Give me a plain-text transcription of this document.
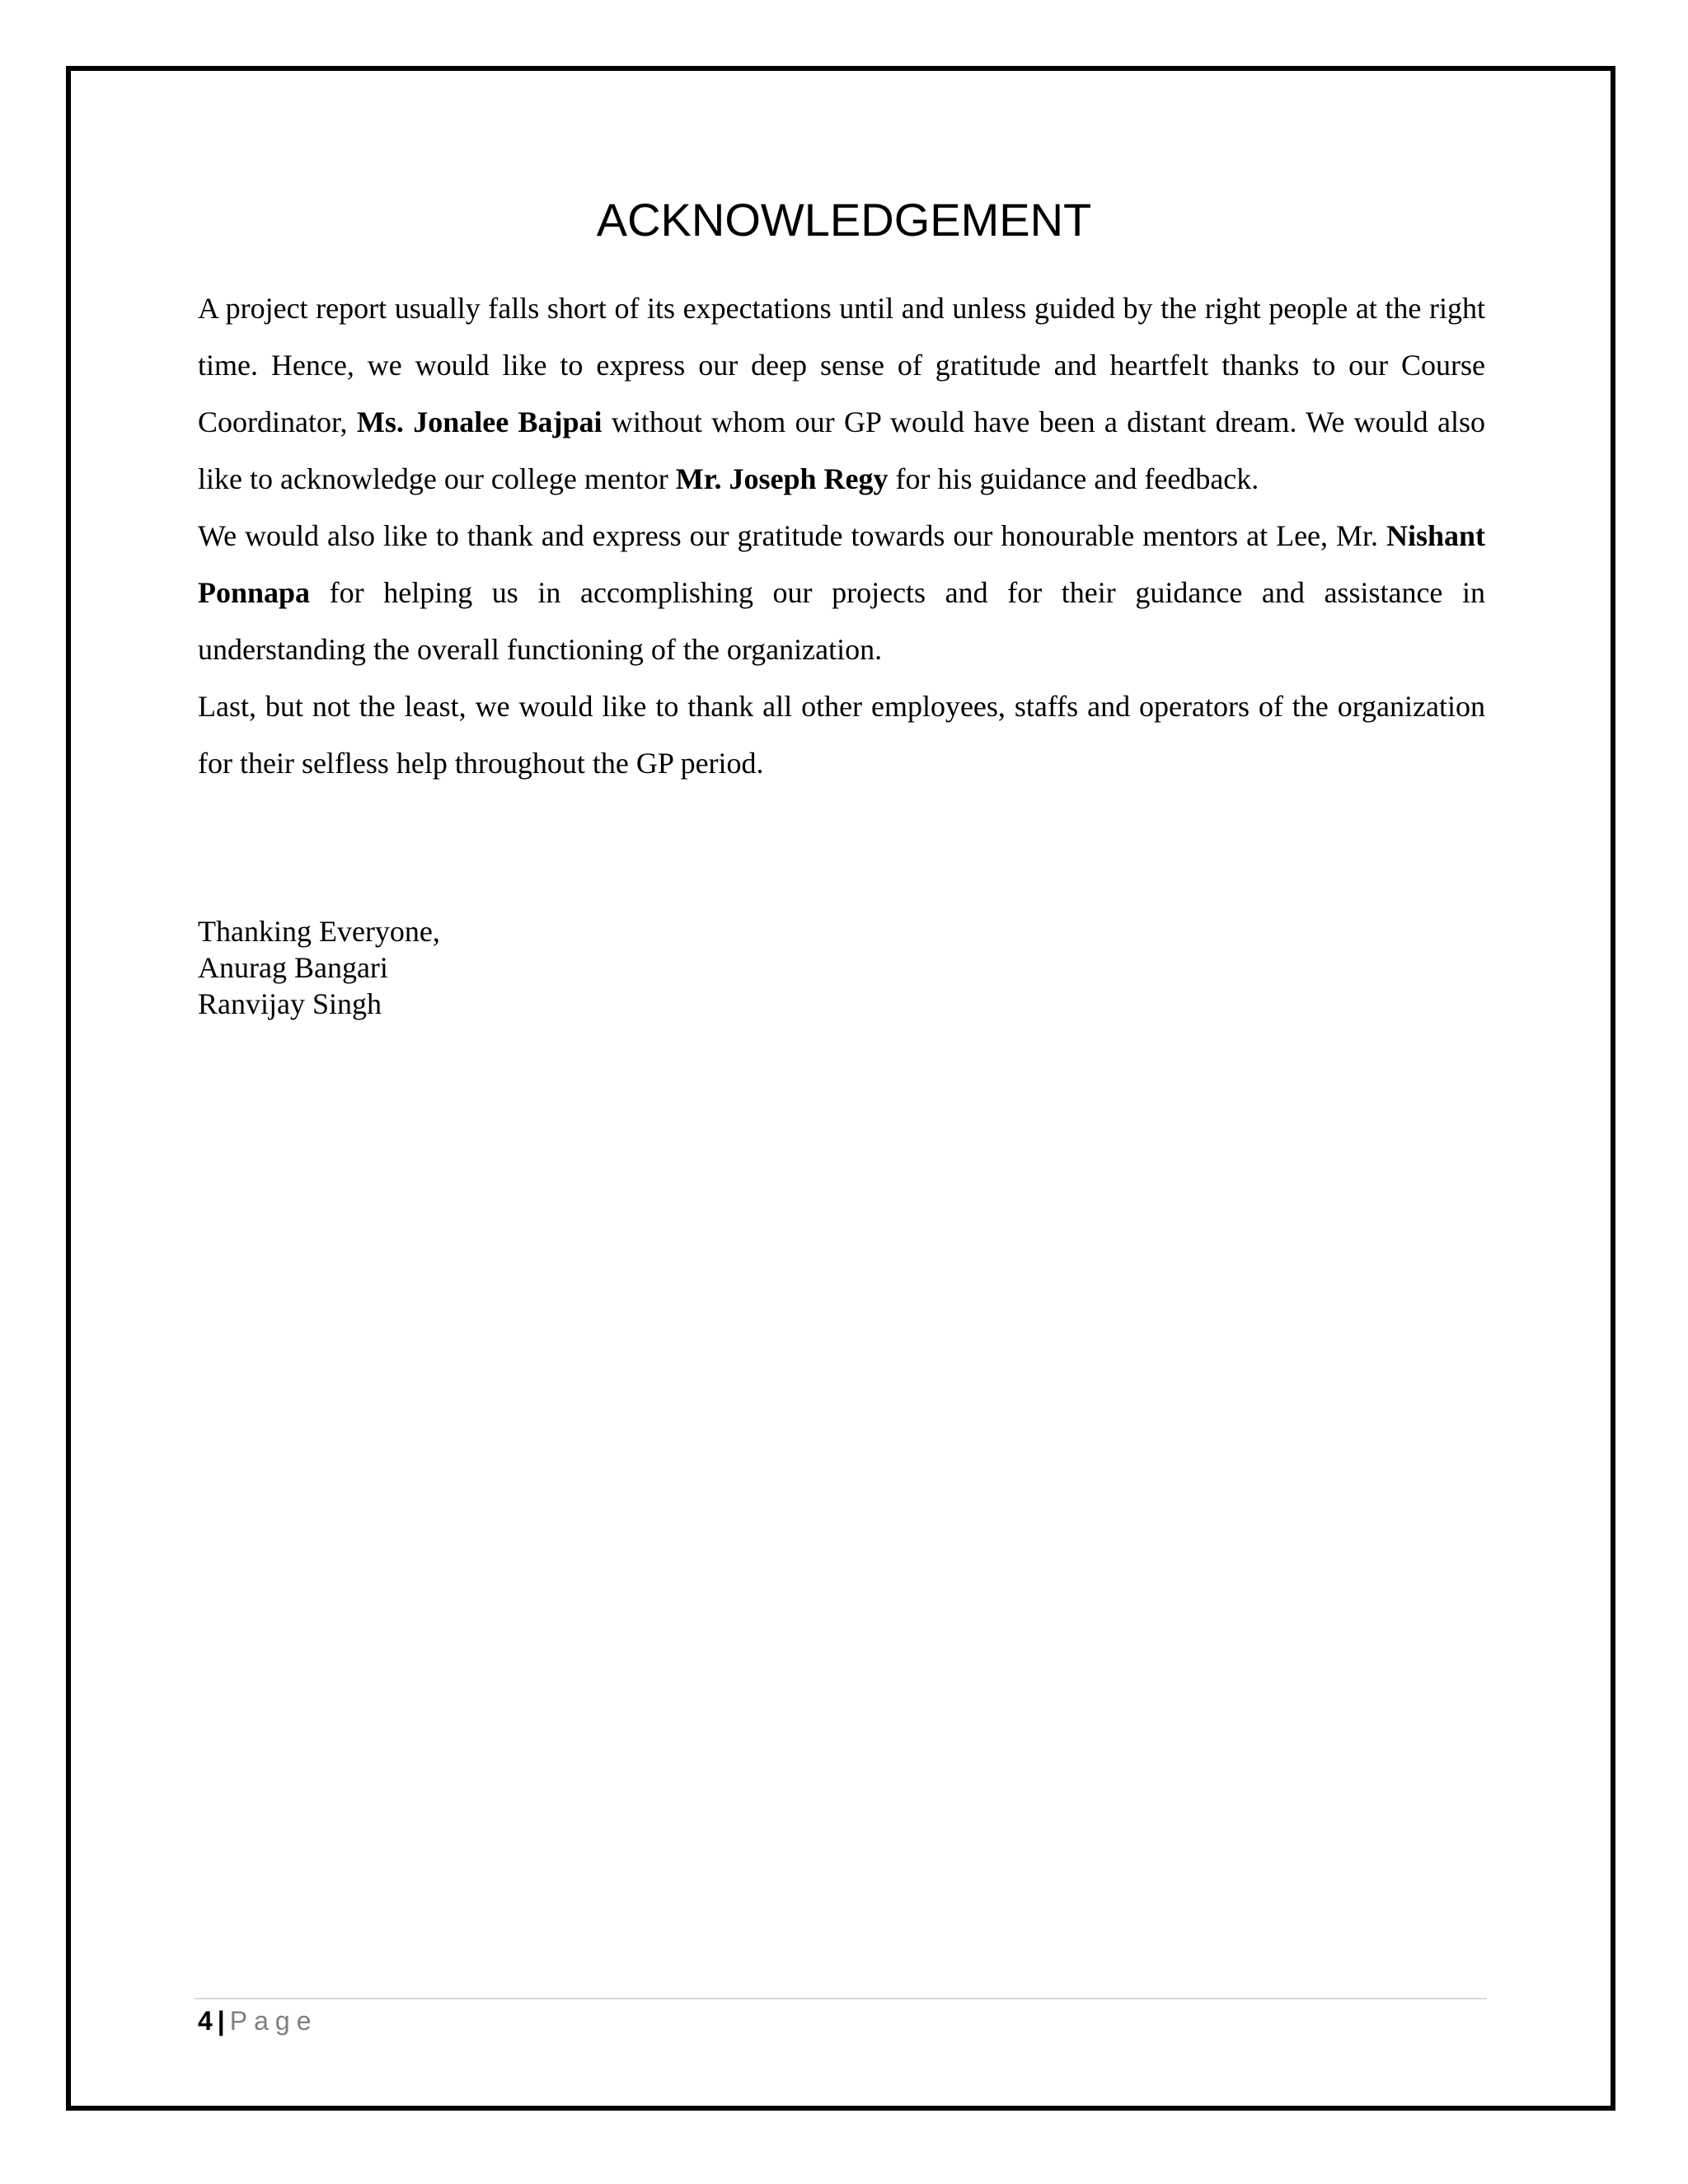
ACKNOWLEDGEMENT

A project report usually falls short of its expectations until and unless guided by the right people at the right time. Hence, we would like to express our deep sense of gratitude and heartfelt thanks to our Course Coordinator, Ms. Jonalee Bajpai without whom our GP would have been a distant dream. We would also like to acknowledge our college mentor Mr. Joseph Regy for his guidance and feedback.

We would also like to thank and express our gratitude towards our honourable mentors at Lee, Mr. Nishant Ponnapa for helping us in accomplishing our projects and for their guidance and assistance in understanding the overall functioning of the organization.

Last, but not the least, we would like to thank all other employees, staffs and operators of the organization for their selfless help throughout the GP period.

Thanking Everyone,
Anurag Bangari
Ranvijay Singh
4 | Page
